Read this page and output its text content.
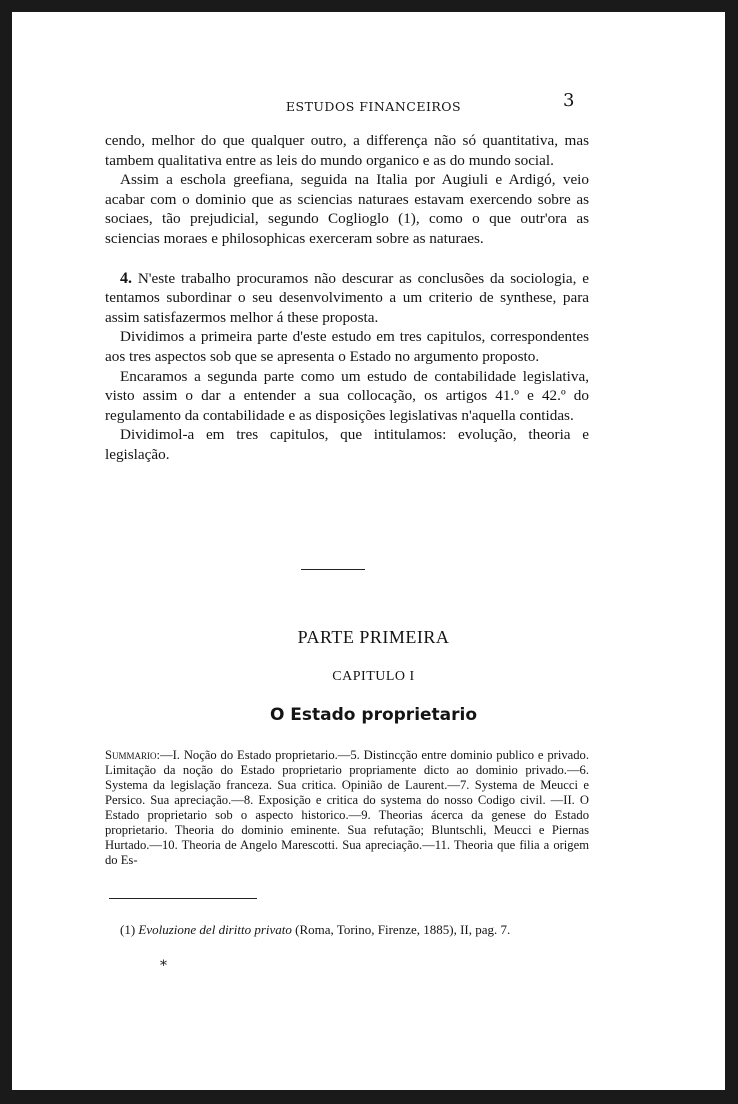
ESTUDOS FINANCEIROS	3

cendo, melhor do que qualquer outro, a differença não só quantitativa, mas tambem qualitativa entre as leis do mundo organico e as do mundo social.

Assim a eschola greefiana, seguida na Italia por Augiuli e Ardigó, veio acabar com o dominio que as sciencias naturaes estavam exercendo sobre as sociaes, tão prejudicial, segundo Coglioglo (1), como o que outr'ora as sciencias moraes e philosophicas exerceram sobre as naturaes.

4. N'este trabalho procuramos não descurar as conclusões da sociologia, e tentamos subordinar o seu desenvolvimento a um criterio de synthese, para assim satisfazermos melhor á these proposta.

Dividimos a primeira parte d'este estudo em tres capitulos, correspondentes aos tres aspectos sob que se apresenta o Estado no argumento proposto.

Encaramos a segunda parte como um estudo de contabilidade legislativa, visto assim o dar a entender a sua collocação, os artigos 41.º e 42.º do regulamento da contabilidade e as disposições legislativas n'aquella contidas.

Dividimol-a em tres capitulos, que intitulamos: evolução, theoria e legislação.

PARTE PRIMEIRA
CAPITULO I
O Estado proprietario
Summario:—I. Noção do Estado proprietario.—5. Distincção entre dominio publico e privado. Limitação da noção do Estado proprietario propriamente dicto ao dominio privado.—6. Systema da legislação franceza. Sua critica. Opinião de Laurent.—7. Systema de Meucci e Persico. Sua apreciação.—8. Exposição e critica do systema do nosso Codigo civil. —II. O Estado proprietario sob o aspecto historico.—9. Theorias ácerca da genese do Estado proprietario. Theoria do dominio eminente. Sua refutação; Bluntschli, Meucci e Piernas Hurtado.—10. Theoria de Angelo Marescotti. Sua apreciação.—11. Theoria que filia a origem do Es-

(1) Evoluzione del diritto privato (Roma, Torino, Firenze, 1885), II, pag. 7.

*
